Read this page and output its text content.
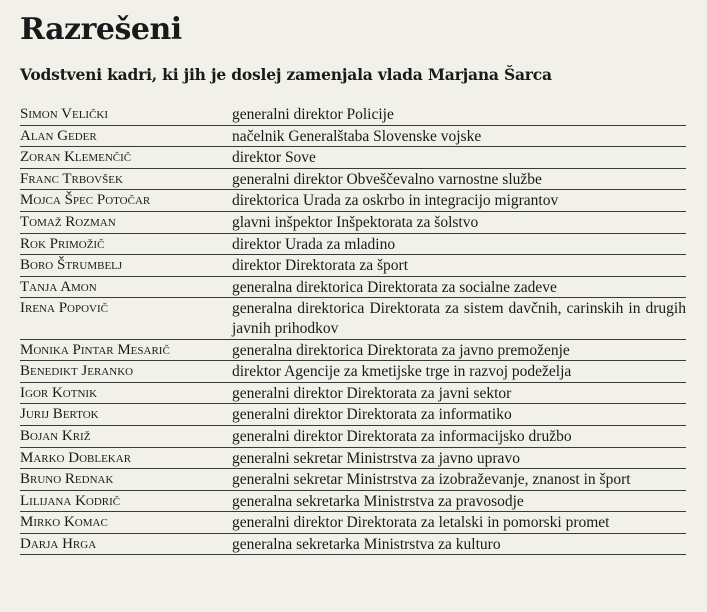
Razrešeni
Vodstveni kadri, ki jih je doslej zamenjala vlada Marjana Šarca
Simon Velički	generalni direktor Policije
Alan Geder	načelnik Generalštaba Slovenske vojske
Zoran Klemenčič	direktor Sove
Franc Trbovšek	generalni direktor Obveščevalno varnostne službe
Mojca Špec Potočar	direktorica Urada za oskrbo in integracijo migrantov
Tomaž Rozman	glavni inšpektor Inšpektorata za šolstvo
Rok Primožič	direktor Urada za mladino
Boro Štrumbelj	direktor Direktorata za šport
Tanja Amon	generalna direktorica Direktorata za socialne zadeve
Irena Popovič	generalna direktorica Direktorata za sistem davčnih, carinskih in drugih javnih prihodkov
Monika Pintar Mesarič	generalna direktorica Direktorata za javno premoženje
Benedikt Jeranko	direktor Agencije za kmetijske trge in razvoj podeželja
Igor Kotnik	generalni direktor Direktorata za javni sektor
Jurij Bertok	generalni direktor Direktorata za informatiko
Bojan Križ	generalni direktor Direktorata za informacijsko družbo
Marko Doblekar	generalni sekretar Ministrstva za javno upravo
Bruno Rednak	generalni sekretar Ministrstva za izobraževanje, znanost in šport
Lilijana Kodrič	generalna sekretarka Ministrstva za pravosodje
Mirko Komac	generalni direktor Direktorata za letalski in pomorski promet
Darja Hrga	generalna sekretarka Ministrstva za kulturo
